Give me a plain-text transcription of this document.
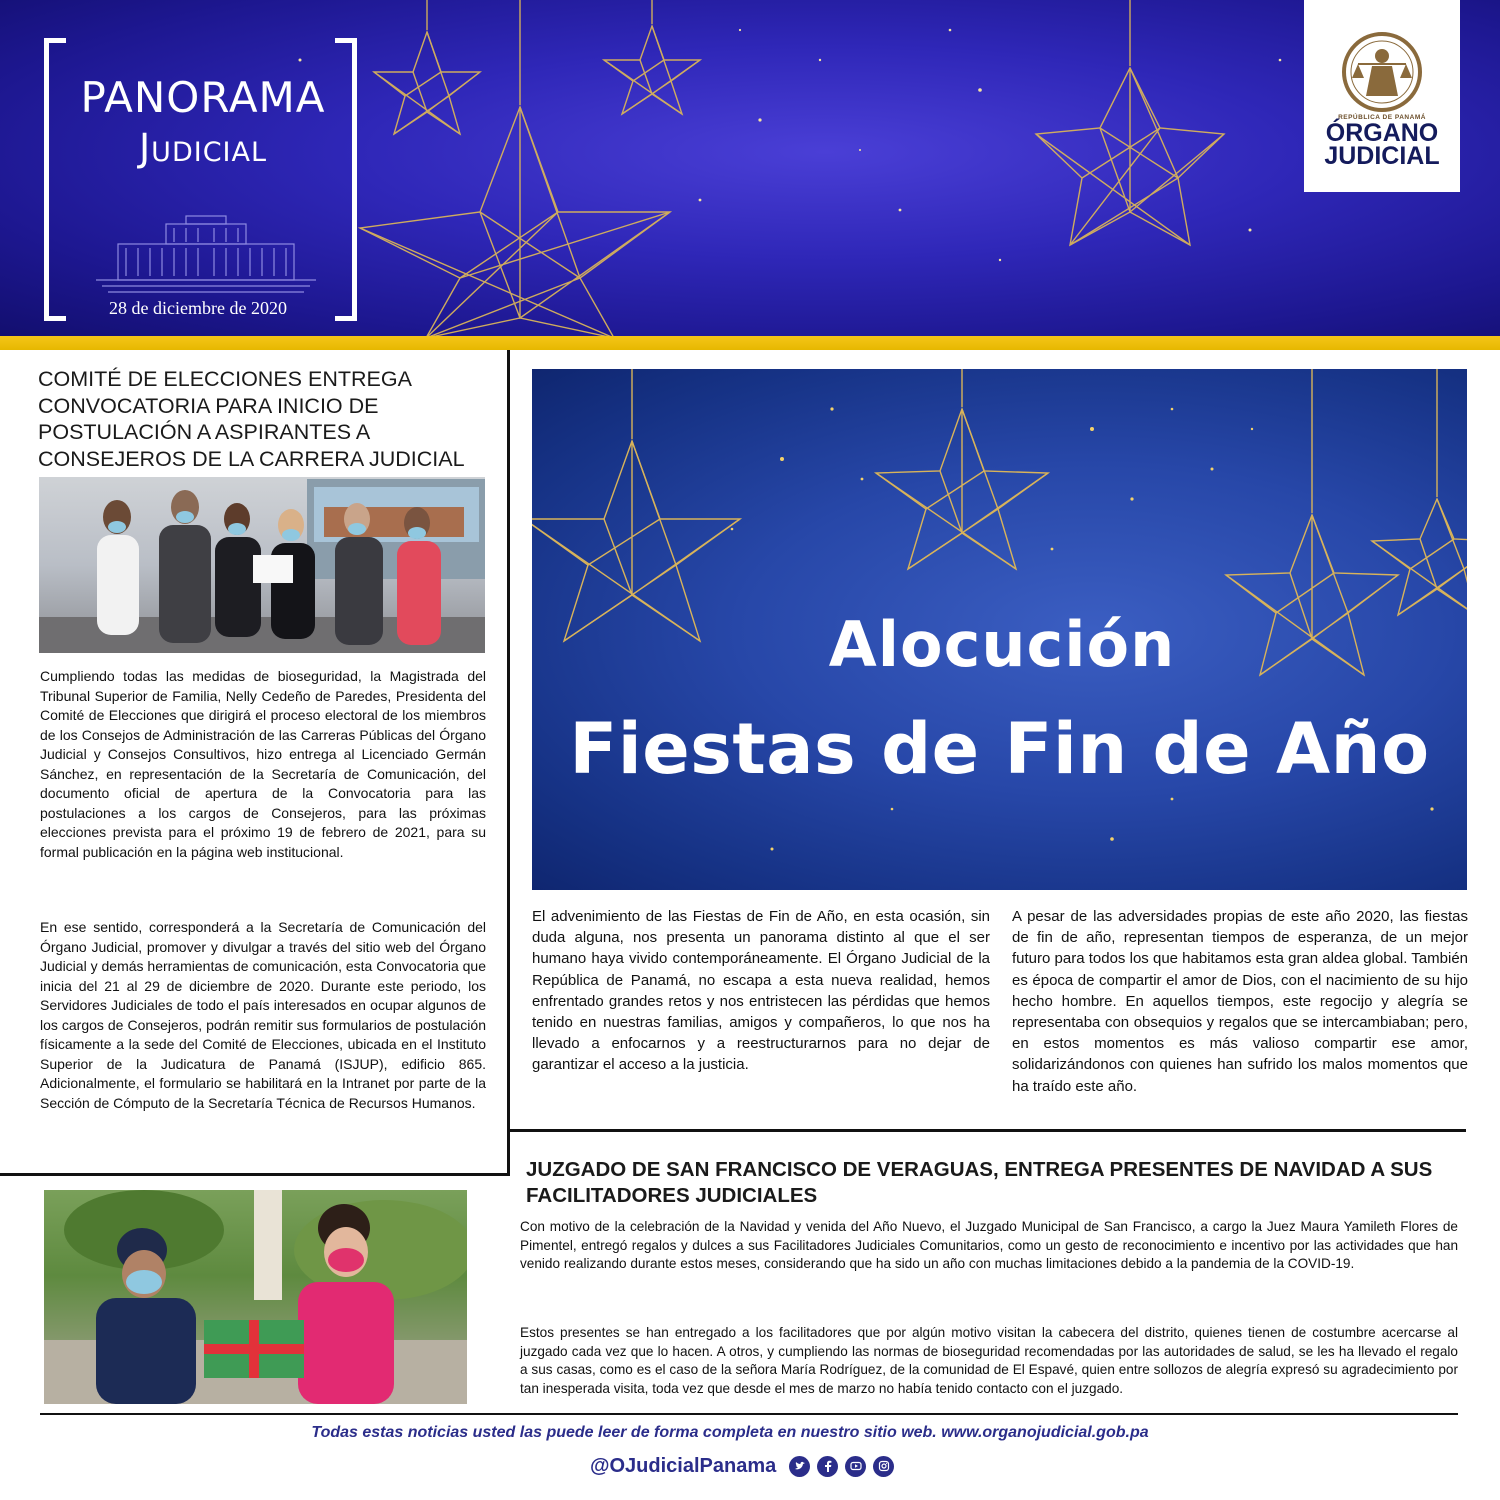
PANORAMA
Judicial
28 de diciembre de 2020
REPÚBLICA DE PANAMÁ
ÓRGANO
JUDICIAL
COMITÉ DE ELECCIONES ENTREGA CONVOCATORIA PARA INICIO DE POSTULACIÓN A ASPIRANTES A CONSEJEROS DE LA CARRERA JUDICIAL

Cumpliendo todas las medidas de bioseguridad, la Magistrada del Tribunal Superior de Familia, Nelly Cedeño de Paredes, Presidenta del Comité de Elecciones que dirigirá el proceso electoral de los miembros de los Consejos de Administración de las Carreras Públicas del Órgano Judicial y Consejos Consultivos, hizo entrega al Licenciado Germán Sánchez, en representación de la Secretaría de Comunicación, del documento oficial de apertura de la Convocatoria para las postulaciones a los cargos de Consejeros, para las próximas elecciones prevista para el próximo 19 de febrero de 2021, para su formal publicación en la página web institucional.

En ese sentido, corresponderá a la Secretaría de Comunicación del Órgano Judicial, promover y divulgar a través del sitio web del Órgano Judicial y demás herramientas de comunicación, esta Convocatoria que inicia del 21 al 29 de diciembre de 2020. Durante este periodo, los Servidores Judiciales de todo el país interesados en ocupar algunos de los cargos de Consejeros, podrán remitir sus formularios de postulación físicamente a la sede del Comité de Elecciones, ubicada en el Instituto Superior de la Judicatura de Panamá (ISJUP), edificio 865. Adicionalmente, el formulario se habilitará en la Intranet por parte de la Sección de Cómputo de la Secretaría Técnica de Recursos Humanos.

Alocución
Fiestas de Fin de Año

El advenimiento de las Fiestas de Fin de Año, en esta ocasión, sin duda alguna, nos presenta un panorama distinto al que el ser humano haya vivido contemporáneamente. El Órgano Judicial de la República de Panamá, no escapa a esta nueva realidad, hemos enfrentado grandes retos y nos entristecen las pérdidas que hemos tenido en nuestras familias, amigos y compañeros, lo que nos ha llevado a enfocarnos y a reestructurarnos para no dejar de garantizar el acceso a la justicia.

A pesar de las adversidades propias de este año 2020, las fiestas de fin de año, representan tiempos de esperanza, de un mejor futuro para todos los que habitamos esta gran aldea global. También es época de compartir el amor de Dios, con el nacimiento de su hijo hecho hombre. En aquellos tiempos, este regocijo y alegría se representaba con obsequios y regalos que se intercambiaban; pero, en estos momentos es más valioso compartir ese amor, solidarizándonos con quienes han sufrido los malos momentos que ha traído este año.

JUZGADO DE SAN FRANCISCO DE VERAGUAS, ENTREGA PRESENTES DE NAVIDAD A SUS FACILITADORES JUDICIALES

Con motivo de la celebración de la Navidad y venida del Año Nuevo, el Juzgado Municipal de San Francisco, a cargo la Juez Maura Yamileth Flores de Pimentel, entregó regalos y dulces a sus Facilitadores Judiciales Comunitarios, como un gesto de reconocimiento e incentivo por las actividades que han venido realizando durante estos meses, considerando que ha sido un año con muchas limitaciones debido a la pandemia de la COVID-19.

Estos presentes se han entregado a los facilitadores que por algún motivo visitan la cabecera del distrito, quienes tienen de costumbre acercarse al juzgado cada vez que lo hacen. A otros, y cumpliendo las normas de bioseguridad recomendadas por las autoridades de salud, se les ha llevado el regalo a sus casas, como es el caso de la señora María Rodríguez, de la comunidad de El Espavé, quien entre sollozos de alegría expresó su agradecimiento por tan inesperada visita, toda vez que desde el mes de marzo no había tenido contacto con el juzgado.

Todas estas noticias usted las puede leer de forma completa en nuestro sitio web. www.organojudicial.gob.pa
@OJudicialPanama
